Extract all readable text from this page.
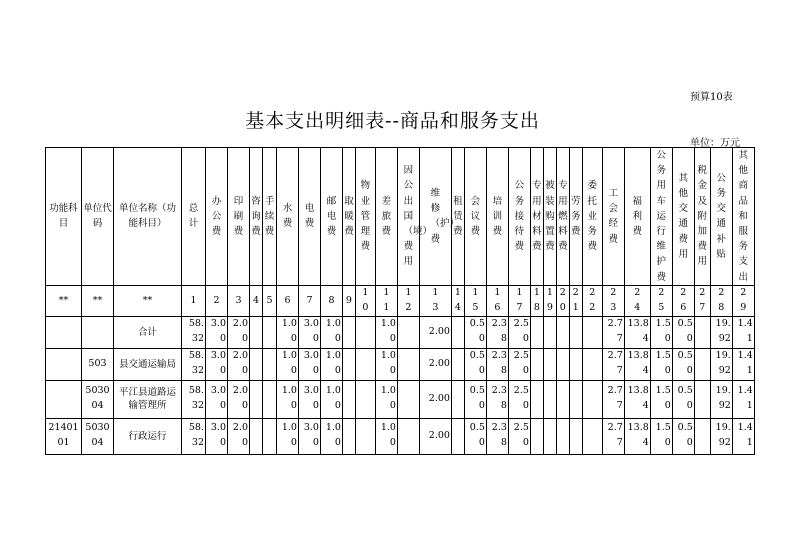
预算10表
基本支出明细表--商品和服务支出
单位：万元
功能科目	单位代码	单位名称（功能科目）	总计	办公费	印刷费	咨询费	手续费	水费	电费	邮电费	取暖费	物业管理费	差旅费	因公出国（境）费用	维修（护）费	租赁费	会议费	培训费	公务接待费	专用材料费	被装购置费	专用燃料费	劳务费	委托业务费	工会经费	福利费	公务用车运行维护费	其他交通费用	税金及附加费用	公务交通补贴	其他商品和服务支出
**	**	**	1	2	3	4	5	6	7	8	9	10	11	12	13	14	15	16	17	18	19	20	21	22	23	24	25	26	27	28	29
		合计	58.32	3.00	2.00			1.00	3.00	1.00			1.00		2.00		0.50	2.38	2.50						2.77	13.84	1.50	0.50		19.92	1.41
	503	县交通运输局	58.32	3.00	2.00			1.00	3.00	1.00			1.00		2.00		0.50	2.38	2.50						2.77	13.84	1.50	0.50		19.92	1.41
	503004	平江县道路运输管理所	58.32	3.00	2.00			1.00	3.00	1.00			1.00		2.00		0.50	2.38	2.50						2.77	13.84	1.50	0.50		19.92	1.41
2140101	503004	行政运行	58.32	3.00	2.00			1.00	3.00	1.00			1.00		2.00		0.50	2.38	2.50						2.77	13.84	1.50	0.50		19.92	1.41
